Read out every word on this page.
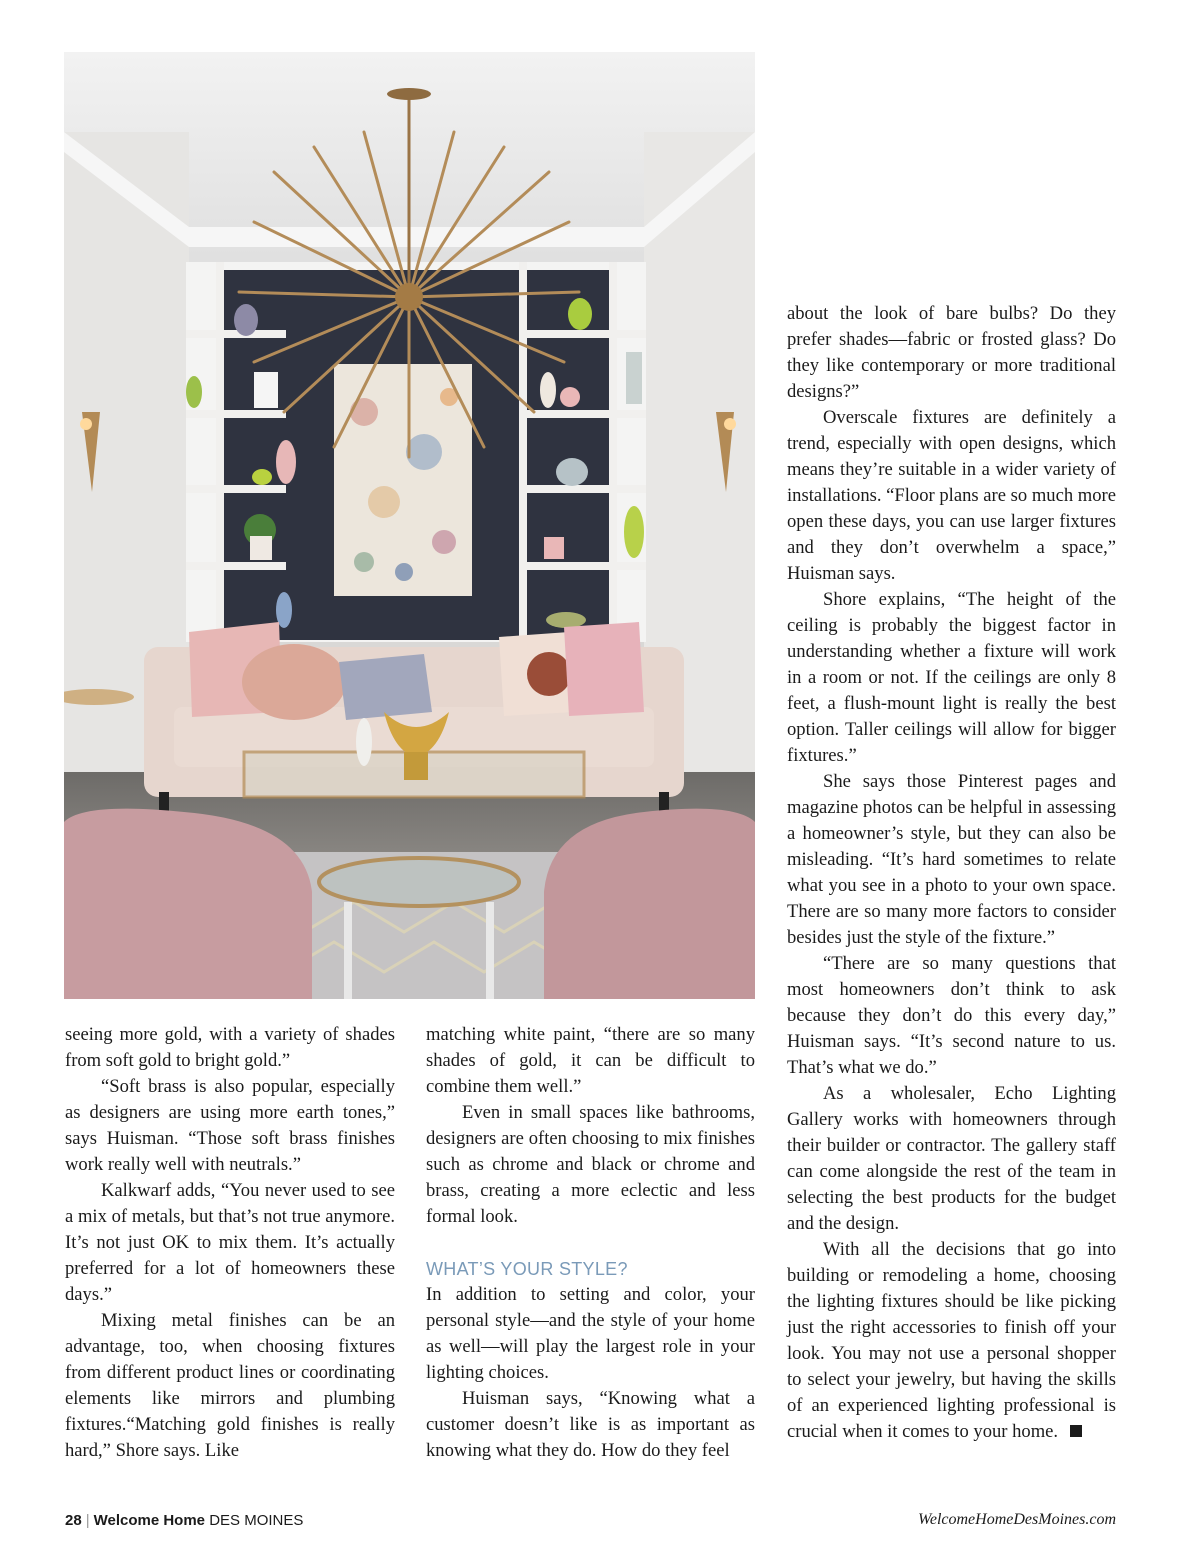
seeing more gold, with a variety of shades from soft gold to bright gold.”

“Soft brass is also popular, especially as designers are using more earth tones,” says Huisman. “Those soft brass finishes work really well with neutrals.”

Kalkwarf adds, “You never used to see a mix of metals, but that’s not true anymore. It’s not just OK to mix them. It’s actually preferred for a lot of homeowners these days.”

Mixing metal finishes can be an advantage, too, when choosing fixtures from different product lines or coordinating elements like mirrors and plumbing fixtures.“Matching gold finishes is really hard,” Shore says. Like

matching white paint, “there are so many shades of gold, it can be difficult to combine them well.”

Even in small spaces like bathrooms, designers are often choosing to mix finishes such as chrome and black or chrome and brass, creating a more eclectic and less formal look.

WHAT’S YOUR STYLE?

In addition to setting and color, your personal style—and the style of your home as well—will play the largest role in your lighting choices.

Huisman says, “Knowing what a customer doesn’t like is as important as knowing what they do. How do they feel

about the look of bare bulbs? Do they prefer shades—fabric or frosted glass? Do they like contemporary or more traditional designs?”

Overscale fixtures are definitely a trend, especially with open designs, which means they’re suitable in a wider variety of installations. “Floor plans are so much more open these days, you can use larger fixtures and they don’t overwhelm a space,” Huisman says.

Shore explains, “The height of the ceiling is probably the biggest factor in understanding whether a fixture will work in a room or not. If the ceilings are only 8 feet, a flush-mount light is really the best option. Taller ceilings will allow for bigger fixtures.”

She says those Pinterest pages and magazine photos can be helpful in assessing a homeowner’s style, but they can also be misleading. “It’s hard sometimes to relate what you see in a photo to your own space. There are so many more factors to consider besides just the style of the fixture.”

“There are so many questions that most homeowners don’t think to ask because they don’t do this every day,” Huisman says. “It’s second nature to us. That’s what we do.”

As a wholesaler, Echo Lighting Gallery works with homeowners through their builder or contractor. The gallery staff can come alongside the rest of the team in selecting the best products for the budget and the design.

With all the decisions that go into building or remodeling a home, choosing the lighting fixtures should be like picking just the right accessories to finish off your look. You may not use a personal shopper to select your jewelry, but having the skills of an experienced lighting professional is crucial when it comes to your home.

28 | Welcome Home DES MOINES	WelcomeHomeDesMoines.com
